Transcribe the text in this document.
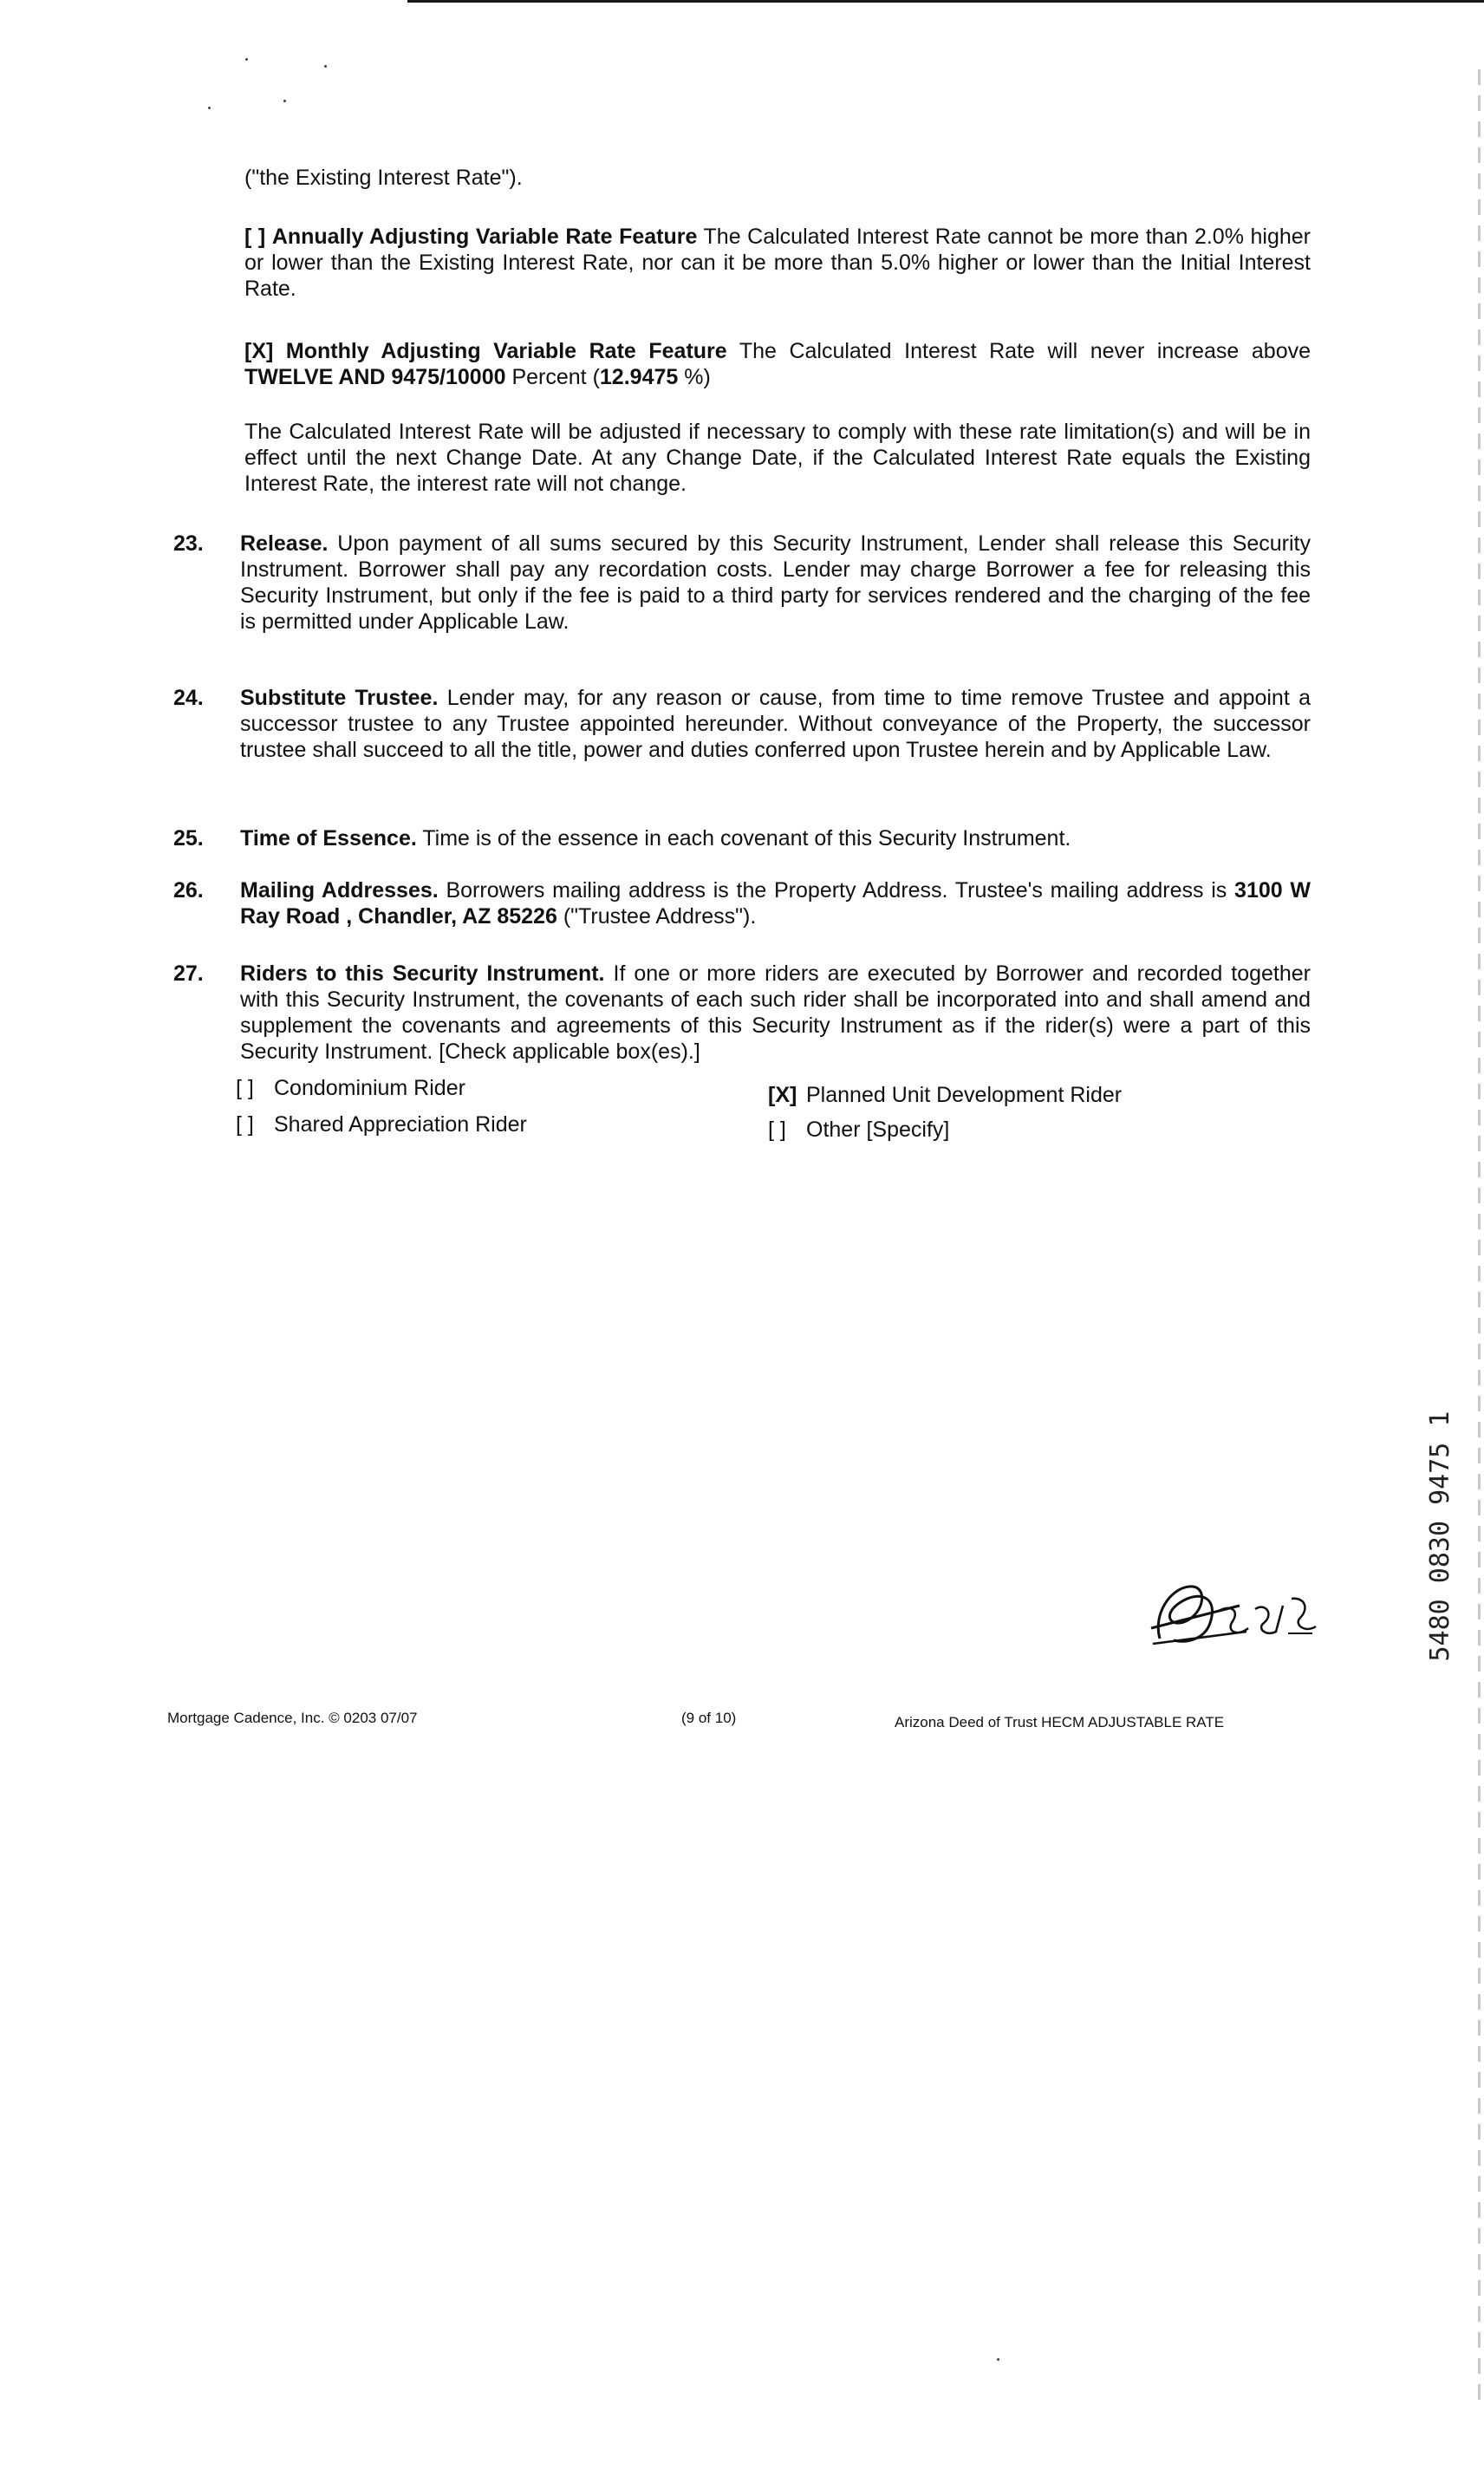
("the Existing Interest Rate").

[ ] Annually Adjusting Variable Rate Feature The Calculated Interest Rate cannot be more than 2.0% higher or lower than the Existing Interest Rate, nor can it be more than 5.0% higher or lower than the Initial Interest Rate.

[X] Monthly Adjusting Variable Rate Feature The Calculated Interest Rate will never increase above TWELVE AND 9475/10000 Percent (12.9475 %)

The Calculated Interest Rate will be adjusted if necessary to comply with these rate limitation(s) and will be in effect until the next Change Date. At any Change Date, if the Calculated Interest Rate equals the Existing Interest Rate, the interest rate will not change.

23. Release. Upon payment of all sums secured by this Security Instrument, Lender shall release this Security Instrument. Borrower shall pay any recordation costs. Lender may charge Borrower a fee for releasing this Security Instrument, but only if the fee is paid to a third party for services rendered and the charging of the fee is permitted under Applicable Law.

24. Substitute Trustee. Lender may, for any reason or cause, from time to time remove Trustee and appoint a successor trustee to any Trustee appointed hereunder. Without conveyance of the Property, the successor trustee shall succeed to all the title, power and duties conferred upon Trustee herein and by Applicable Law.

25. Time of Essence. Time is of the essence in each covenant of this Security Instrument.

26. Mailing Addresses. Borrowers mailing address is the Property Address. Trustee's mailing address is 3100 W Ray Road , Chandler, AZ 85226 ("Trustee Address").

27. Riders to this Security Instrument. If one or more riders are executed by Borrower and recorded together with this Security Instrument, the covenants of each such rider shall be incorporated into and shall amend and supplement the covenants and agreements of this Security Instrument as if the rider(s) were a part of this Security Instrument. [Check applicable box(es).]

[ ] Condominium Rider	[X] Planned Unit Development Rider
[ ] Shared Appreciation Rider	[ ] Other [Specify]
5480 0830 9475 1
Mortgage Cadence, Inc. © 0203 07/07	(9 of 10)	Arizona Deed of Trust HECM ADJUSTABLE RATE
